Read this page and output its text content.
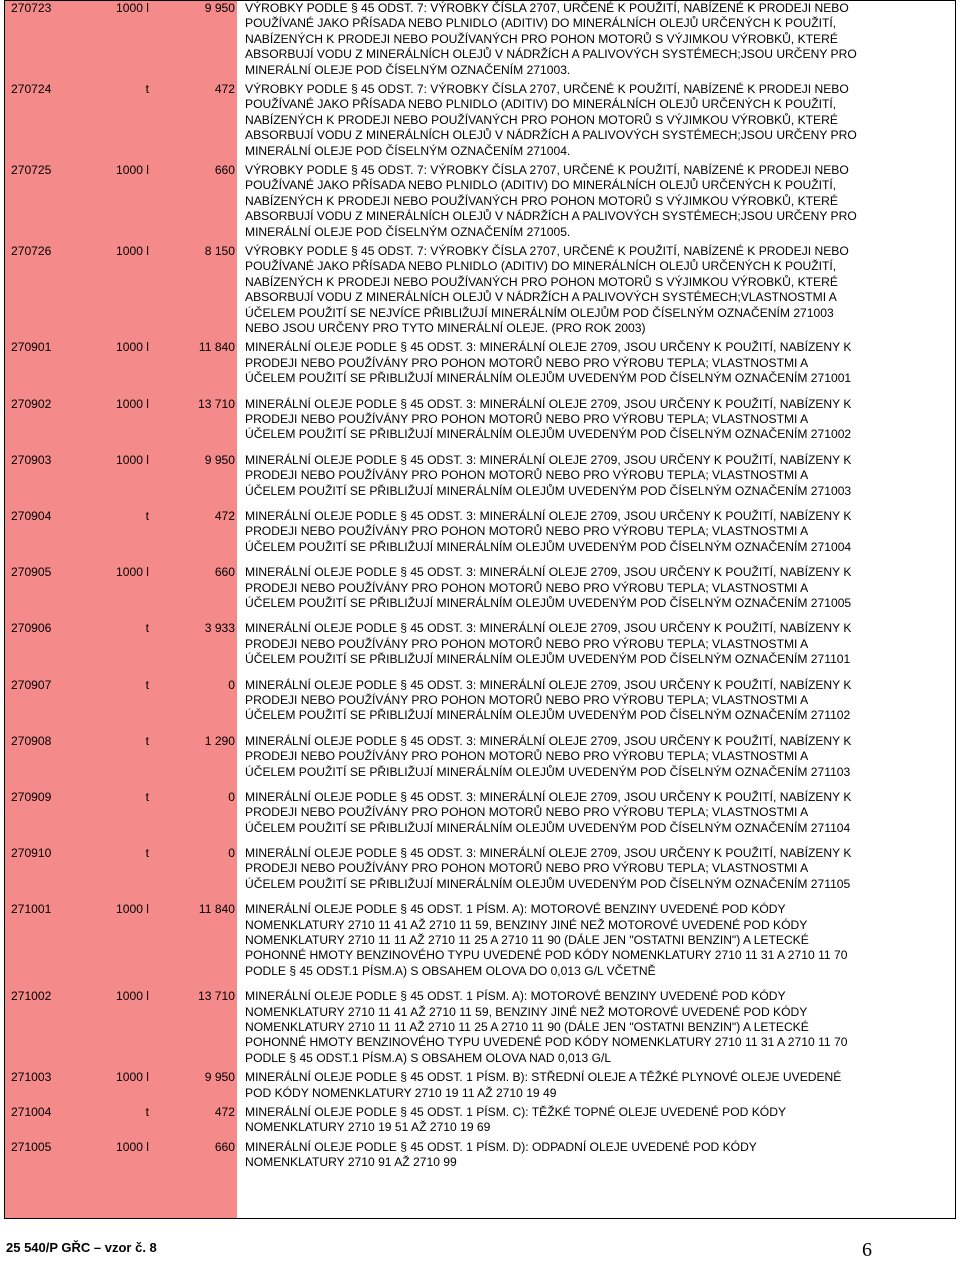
270723	1000 l	9 950 VÝROBKY PODLE § 45 ODST. 7: VÝROBKY ČÍSLA 2707, URČENÉ K POUŽITÍ, NABÍZENÉ K PRODEJI NEBO
POUŽÍVANÉ JAKO PŘÍSADA NEBO PLNIDLO (ADITIV) DO MINERÁLNÍCH OLEJŮ URČENÝCH K POUŽITÍ,
NABÍZENÝCH K PRODEJI NEBO POUŽÍVANÝCH PRO POHON MOTORŮ S VÝJIMKOU VÝROBKŮ, KTERÉ
ABSORBUJÍ VODU Z MINERÁLNÍCH OLEJŮ V NÁDRŽÍCH A PALIVOVÝCH SYSTÉMECH;JSOU URČENY PRO
MINERÁLNÍ OLEJE POD ČÍSELNÝM OZNAČENÍM 271003.
270724	t	472 VÝROBKY PODLE § 45 ODST. 7: VÝROBKY ČÍSLA 2707, URČENÉ K POUŽITÍ, NABÍZENÉ K PRODEJI NEBO
POUŽÍVANÉ JAKO PŘÍSADA NEBO PLNIDLO (ADITIV) DO MINERÁLNÍCH OLEJŮ URČENÝCH K POUŽITÍ,
NABÍZENÝCH K PRODEJI NEBO POUŽÍVANÝCH PRO POHON MOTORŮ S VÝJIMKOU VÝROBKŮ, KTERÉ
ABSORBUJÍ VODU Z MINERÁLNÍCH OLEJŮ V NÁDRŽÍCH A PALIVOVÝCH SYSTÉMECH;JSOU URČENY PRO
MINERÁLNÍ OLEJE POD ČÍSELNÝM OZNAČENÍM 271004.
270725	1000 l	660 VÝROBKY PODLE § 45 ODST. 7: VÝROBKY ČÍSLA 2707, URČENÉ K POUŽITÍ, NABÍZENÉ K PRODEJI NEBO
POUŽÍVANÉ JAKO PŘÍSADA NEBO PLNIDLO (ADITIV) DO MINERÁLNÍCH OLEJŮ URČENÝCH K POUŽITÍ,
NABÍZENÝCH K PRODEJI NEBO POUŽÍVANÝCH PRO POHON MOTORŮ S VÝJIMKOU VÝROBKŮ, KTERÉ
ABSORBUJÍ VODU Z MINERÁLNÍCH OLEJŮ V NÁDRŽÍCH A PALIVOVÝCH SYSTÉMECH;JSOU URČENY PRO
MINERÁLNÍ OLEJE POD ČÍSELNÝM OZNAČENÍM 271005.
270726	1000 l	8 150 VÝROBKY PODLE § 45 ODST. 7: VÝROBKY ČÍSLA 2707, URČENÉ K POUŽITÍ, NABÍZENÉ K PRODEJI NEBO
POUŽÍVANÉ JAKO PŘÍSADA NEBO PLNIDLO (ADITIV) DO MINERÁLNÍCH OLEJŮ URČENÝCH K POUŽITÍ,
NABÍZENÝCH K PRODEJI NEBO POUŽÍVANÝCH PRO POHON MOTORŮ S VÝJIMKOU VÝROBKŮ, KTERÉ
ABSORBUJÍ VODU Z MINERÁLNÍCH OLEJŮ V NÁDRŽÍCH A PALIVOVÝCH SYSTÉMECH;VLASTNOSTMI A
ÚČELEM POUŽITÍ SE NEJVÍCE PŘIBLIŽUJÍ MINERÁLNÍM OLEJŮM POD ČÍSELNÝM OZNAČENÍM 271003
NEBO JSOU URČENY PRO TYTO MINERÁLNÍ OLEJE. (PRO ROK 2003)
270901	1000 l	11 840 MINERÁLNÍ OLEJE PODLE § 45 ODST. 3: MINERÁLNÍ OLEJE 2709, JSOU URČENY K POUŽITÍ, NABÍZENY K
PRODEJI NEBO POUŽÍVÁNY PRO POHON MOTORŮ NEBO PRO VÝROBU TEPLA; VLASTNOSTMI A
ÚČELEM POUŽITÍ SE PŘIBLIŽUJÍ MINERÁLNÍM OLEJŮM UVEDENÝM POD ČÍSELNÝM OZNAČENÍM 271001
270902	1000 l	13 710 MINERÁLNÍ OLEJE PODLE § 45 ODST. 3: MINERÁLNÍ OLEJE 2709, JSOU URČENY K POUŽITÍ, NABÍZENY K
PRODEJI NEBO POUŽÍVÁNY PRO POHON MOTORŮ NEBO PRO VÝROBU TEPLA; VLASTNOSTMI A
ÚČELEM POUŽITÍ SE PŘIBLIŽUJÍ MINERÁLNÍM OLEJŮM UVEDENÝM POD ČÍSELNÝM OZNAČENÍM 271002
270903	1000 l	9 950 MINERÁLNÍ OLEJE PODLE § 45 ODST. 3: MINERÁLNÍ OLEJE 2709, JSOU URČENY K POUŽITÍ, NABÍZENY K
PRODEJI NEBO POUŽÍVÁNY PRO POHON MOTORŮ NEBO PRO VÝROBU TEPLA; VLASTNOSTMI A
ÚČELEM POUŽITÍ SE PŘIBLIŽUJÍ MINERÁLNÍM OLEJŮM UVEDENÝM POD ČÍSELNÝM OZNAČENÍM 271003
270904	t	472 MINERÁLNÍ OLEJE PODLE § 45 ODST. 3: MINERÁLNÍ OLEJE 2709, JSOU URČENY K POUŽITÍ, NABÍZENY K
PRODEJI NEBO POUŽÍVÁNY PRO POHON MOTORŮ NEBO PRO VÝROBU TEPLA; VLASTNOSTMI A
ÚČELEM POUŽITÍ SE PŘIBLIŽUJÍ MINERÁLNÍM OLEJŮM UVEDENÝM POD ČÍSELNÝM OZNAČENÍM 271004
270905	1000 l	660 MINERÁLNÍ OLEJE PODLE § 45 ODST. 3: MINERÁLNÍ OLEJE 2709, JSOU URČENY K POUŽITÍ, NABÍZENY K
PRODEJI NEBO POUŽÍVÁNY PRO POHON MOTORŮ NEBO PRO VÝROBU TEPLA; VLASTNOSTMI A
ÚČELEM POUŽITÍ SE PŘIBLIŽUJÍ MINERÁLNÍM OLEJŮM UVEDENÝM POD ČÍSELNÝM OZNAČENÍM 271005
270906	t	3 933 MINERÁLNÍ OLEJE PODLE § 45 ODST. 3: MINERÁLNÍ OLEJE 2709, JSOU URČENY K POUŽITÍ, NABÍZENY K
PRODEJI NEBO POUŽÍVÁNY PRO POHON MOTORŮ NEBO PRO VÝROBU TEPLA; VLASTNOSTMI A
ÚČELEM POUŽITÍ SE PŘIBLIŽUJÍ MINERÁLNÍM OLEJŮM UVEDENÝM POD ČÍSELNÝM OZNAČENÍM 271101
270907	t	0 MINERÁLNÍ OLEJE PODLE § 45 ODST. 3: MINERÁLNÍ OLEJE 2709, JSOU URČENY K POUŽITÍ, NABÍZENY K
PRODEJI NEBO POUŽÍVÁNY PRO POHON MOTORŮ NEBO PRO VÝROBU TEPLA; VLASTNOSTMI A
ÚČELEM POUŽITÍ SE PŘIBLIŽUJÍ MINERÁLNÍM OLEJŮM UVEDENÝM POD ČÍSELNÝM OZNAČENÍM 271102
270908	t	1 290 MINERÁLNÍ OLEJE PODLE § 45 ODST. 3: MINERÁLNÍ OLEJE 2709, JSOU URČENY K POUŽITÍ, NABÍZENY K
PRODEJI NEBO POUŽÍVÁNY PRO POHON MOTORŮ NEBO PRO VÝROBU TEPLA; VLASTNOSTMI A
ÚČELEM POUŽITÍ SE PŘIBLIŽUJÍ MINERÁLNÍM OLEJŮM UVEDENÝM POD ČÍSELNÝM OZNAČENÍM 271103
270909	t	0 MINERÁLNÍ OLEJE PODLE § 45 ODST. 3: MINERÁLNÍ OLEJE 2709, JSOU URČENY K POUŽITÍ, NABÍZENY K
PRODEJI NEBO POUŽÍVÁNY PRO POHON MOTORŮ NEBO PRO VÝROBU TEPLA; VLASTNOSTMI A
ÚČELEM POUŽITÍ SE PŘIBLIŽUJÍ MINERÁLNÍM OLEJŮM UVEDENÝM POD ČÍSELNÝM OZNAČENÍM 271104
270910	t	0 MINERÁLNÍ OLEJE PODLE § 45 ODST. 3: MINERÁLNÍ OLEJE 2709, JSOU URČENY K POUŽITÍ, NABÍZENY K
PRODEJI NEBO POUŽÍVÁNY PRO POHON MOTORŮ NEBO PRO VÝROBU TEPLA; VLASTNOSTMI A
ÚČELEM POUŽITÍ SE PŘIBLIŽUJÍ MINERÁLNÍM OLEJŮM UVEDENÝM POD ČÍSELNÝM OZNAČENÍM 271105
271001	1000 l	11 840 MINERÁLNÍ OLEJE PODLE § 45 ODST. 1 PÍSM. A): MOTOROVÉ BENZINY UVEDENÉ POD KÓDY
NOMENKLATURY 2710 11 41 AŽ 2710 11 59, BENZINY JINÉ NEŽ MOTOROVÉ UVEDENÉ POD KÓDY
NOMENKLATURY 2710 11 11 AŽ 2710 11 25 A 2710 11 90 (DÁLE JEN "OSTATNI BENZIN") A LETECKÉ
POHONNÉ HMOTY BENZINOVÉHO TYPU UVEDENÉ POD KÓDY NOMENKLATURY 2710 11 31 A 2710 11 70
PODLE § 45 ODST.1 PÍSM.A) S OBSAHEM OLOVA DO 0,013 G/L VČETNĚ
271002	1000 l	13 710 MINERÁLNÍ OLEJE PODLE § 45 ODST. 1 PÍSM. A): MOTOROVÉ BENZINY UVEDENÉ POD KÓDY
NOMENKLATURY 2710 11 41 AŽ 2710 11 59, BENZINY JINÉ NEŽ MOTOROVÉ UVEDENÉ POD KÓDY
NOMENKLATURY 2710 11 11 AŽ 2710 11 25 A 2710 11 90 (DÁLE JEN "OSTATNI BENZIN") A LETECKÉ
POHONNÉ HMOTY BENZINOVÉHO TYPU UVEDENÉ POD KÓDY NOMENKLATURY 2710 11 31 A 2710 11 70
PODLE § 45 ODST.1 PÍSM.A) S OBSAHEM OLOVA NAD 0,013 G/L
271003	1000 l	9 950 MINERÁLNÍ OLEJE PODLE § 45 ODST. 1 PÍSM. B): STŘEDNÍ OLEJE A TĚŽKÉ PLYNOVÉ OLEJE UVEDENÉ
POD KÓDY NOMENKLATURY 2710 19 11 AŽ 2710 19 49
271004	t	472 MINERÁLNÍ OLEJE PODLE § 45 ODST. 1 PÍSM. C): TĚŽKÉ TOPNÉ OLEJE UVEDENÉ POD KÓDY
NOMENKLATURY 2710 19 51 AŽ 2710 19 69
271005	1000 l	660 MINERÁLNÍ OLEJE PODLE § 45 ODST. 1 PÍSM. D): ODPADNÍ OLEJE UVEDENÉ POD KÓDY
NOMENKLATURY 2710 91 AŽ 2710 99
25 540/P GŘC – vzor č. 8	6
